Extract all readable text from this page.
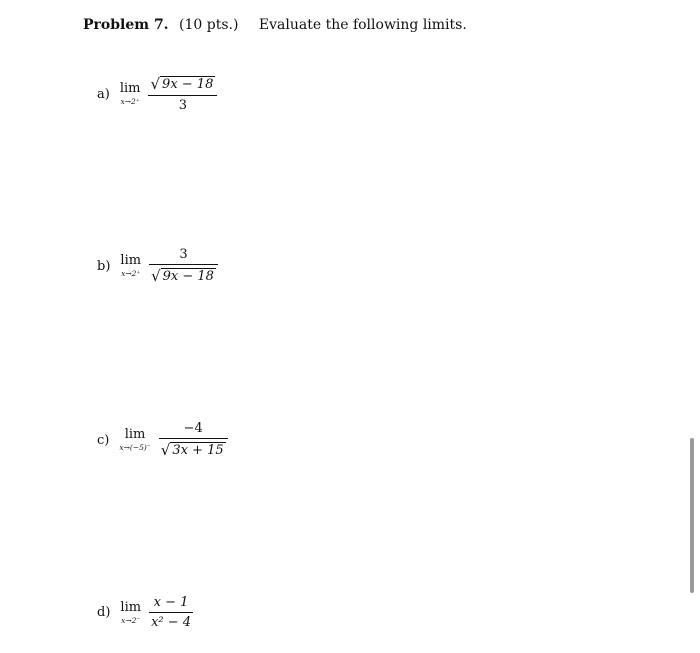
Problem 7. (10 pts.) Evaluate the following limits.
a) lim
$x\to 2^+ \frac{√ 9x - 18}{3}$
b) lim
$x\to 2^+ \frac{3}{√ 9x - 18}$
c) lim
$x\to(-5)^- \frac{-4}{√ 3x + 15}$
d) lim
$x\to 2^- \frac{x - 1}{\text{x² − 4}}$
